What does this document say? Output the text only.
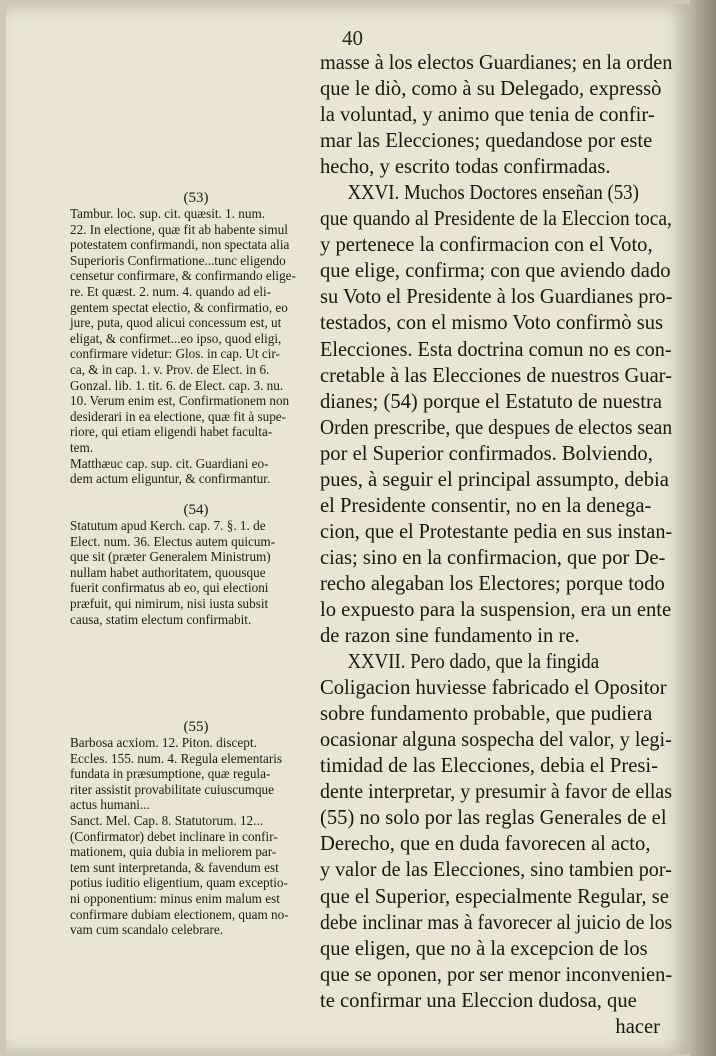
40
masse à los electos Guardianes; en la orden
que le diò, como à su Delegado, expressò
la voluntad, y animo que tenia de confir-
mar las Elecciones; quedandose por este
hecho, y escrito todas confirmadas.
XXVI. Muchos Doctores enseñan (53)
que quando al Presidente de la Eleccion toca,
y pertenece la confirmacion con el Voto,
que elige, confirma; con que aviendo dado
su Voto el Presidente à los Guardianes pro-
testados, con el mismo Voto confirmò sus
Elecciones. Esta doctrina comun no es con-
cretable à las Elecciones de nuestros Guar-
dianes; (54) porque el Estatuto de nuestra
Orden prescribe, que despues de electos sean
por el Superior confirmados. Bolviendo,
pues, à seguir el principal assumpto, debia
el Presidente consentir, no en la denega-
cion, que el Protestante pedia en sus instan-
cias; sino en la confirmacion, que por De-
recho alegaban los Electores; porque todo
lo expuesto para la suspension, era un ente
de razon sine fundamento in re.
XXVII. Pero dado, que la fingida
Coligacion huviesse fabricado el Opositor
sobre fundamento probable, que pudiera
ocasionar alguna sospecha del valor, y legi-
timidad de las Elecciones, debia el Presi-
dente interpretar, y presumir à favor de ellas
(55) no solo por las reglas Generales de el
Derecho, que en duda favorecen al acto,
y valor de las Elecciones, sino tambien por-
que el Superior, especialmente Regular, se
debe inclinar mas à favorecer al juicio de los
que eligen, que no à la excepcion de los
que se oponen, por ser menor inconvenien-
te confirmar una Eleccion dudosa, que
hacer
(53)
Tambur. loc. sup. cit. quæsit. 1. num.
22. In electione, quæ fit ab habente simul
potestatem confirmandi, non spectata alia
Superioris Confirmatione...tunc eligendo
censetur confirmare, & confirmando elige-
re. Et quæst. 2. num. 4. quando ad eli-
gentem spectat electio, & confirmatio, eo
jure, puta, quod alicui concessum est, ut
eligat, & confirmet...eo ipso, quod eligi,
confirmare videtur: Glos. in cap. Ut cir-
ca, & in cap. 1. v. Prov. de Elect. in 6.
Gonzal. lib. 1. tit. 6. de Elect. cap. 3. nu.
10. Verum enim est, Confirmationem non
desiderari in ea electione, quæ fit à supe-
riore, qui etiam eligendi habet faculta-
tem.
Matthæuc cap. sup. cit. Guardiani eo-
dem actum eliguntur, & confirmantur.
(54)
Statutum apud Kerch. cap. 7. §. 1. de
Elect. num. 36. Electus autem quicum-
que sit (præter Generalem Ministrum)
nullam habet authoritatem, quousque
fuerit confirmatus ab eo, qui electioni
præfuit, qui nimirum, nisi iusta subsit
causa, statim electum confirmabit.
(55)
Barbosa acxiom. 12. Piton. discept.
Eccles. 155. num. 4. Regula elementaris
fundata in præsumptione, quæ regula-
riter assistit provabilitate cuiuscumque
actus humani...
Sanct. Mel. Cap. 8. Statutorum. 12...
(Confirmator) debet inclinare in confir-
mationem, quia dubia in meliorem par-
tem sunt interpretanda, & favendum est
potius iuditio eligentium, quam exceptio-
ni opponentium: minus enim malum est
confirmare dubiam electionem, quam no-
vam cum scandalo celebrare.
